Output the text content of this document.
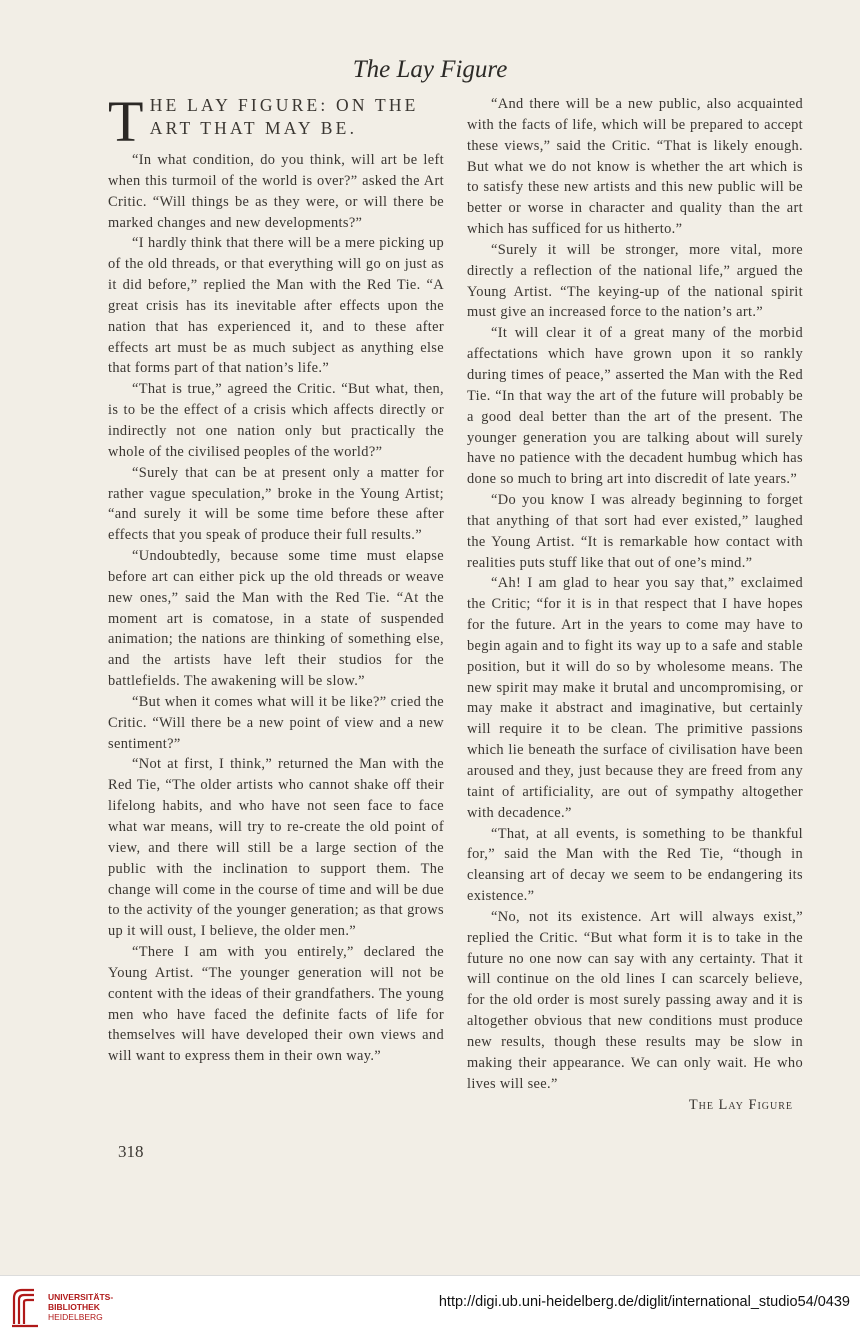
The Lay Figure
T HE LAY FIGURE: ON THE ART THAT MAY BE.

“In what condition, do you think, will art be left when this turmoil of the world is over?” asked the Art Critic. “Will things be as they were, or will there be marked changes and new developments?”

“I hardly think that there will be a mere picking up of the old threads, or that everything will go on just as it did before,” replied the Man with the Red Tie. “A great crisis has its inevitable after effects upon the nation that has experienced it, and to these after effects art must be as much subject as anything else that forms part of that nation’s life.”

“That is true,” agreed the Critic. “But what, then, is to be the effect of a crisis which affects directly or indirectly not one nation only but practically the whole of the civilised peoples of the world?”

“Surely that can be at present only a matter for rather vague speculation,” broke in the Young Artist; “and surely it will be some time before these after effects that you speak of produce their full results.”

“Undoubtedly, because some time must elapse before art can either pick up the old threads or weave new ones,” said the Man with the Red Tie. “At the moment art is comatose, in a state of suspended animation; the nations are thinking of something else, and the artists have left their studios for the battlefields. The awakening will be slow.”

“But when it comes what will it be like?” cried the Critic. “Will there be a new point of view and a new sentiment?”

“Not at first, I think,” returned the Man with the Red Tie, “The older artists who cannot shake off their lifelong habits, and who have not seen face to face what war means, will try to re-create the old point of view, and there will still be a large section of the public with the inclination to support them. The change will come in the course of time and will be due to the activity of the younger generation; as that grows up it will oust, I believe, the older men.”

“There I am with you entirely,” declared the Young Artist. “The younger generation will not be content with the ideas of their grandfathers. The young men who have faced the definite facts of life for themselves will have developed their own views and will want to express them in their own way.”

“And there will be a new public, also acquainted with the facts of life, which will be prepared to accept these views,” said the Critic. “That is likely enough. But what we do not know is whether the art which is to satisfy these new artists and this new public will be better or worse in character and quality than the art which has sufficed for us hitherto.”

“Surely it will be stronger, more vital, more directly a reflection of the national life,” argued the Young Artist. “The keying-up of the national spirit must give an increased force to the nation’s art.”

“It will clear it of a great many of the morbid affectations which have grown upon it so rankly during times of peace,” asserted the Man with the Red Tie. “In that way the art of the future will probably be a good deal better than the art of the present. The younger generation you are talking about will surely have no patience with the decadent humbug which has done so much to bring art into discredit of late years.”

“Do you know I was already beginning to forget that anything of that sort had ever existed,” laughed the Young Artist. “It is remarkable how contact with realities puts stuff like that out of one’s mind.”

“Ah! I am glad to hear you say that,” exclaimed the Critic; “for it is in that respect that I have hopes for the future. Art in the years to come may have to begin again and to fight its way up to a safe and stable position, but it will do so by wholesome means. The new spirit may make it brutal and uncompromising, or may make it abstract and imaginative, but certainly will require it to be clean. The primitive passions which lie beneath the surface of civilisation have been aroused and they, just because they are freed from any taint of artificiality, are out of sympathy altogether with decadence.”

“That, at all events, is something to be thankful for,” said the Man with the Red Tie, “though in cleansing art of decay we seem to be endangering its existence.”

“No, not its existence. Art will always exist,” replied the Critic. “But what form it is to take in the future no one now can say with any certainty. That it will continue on the old lines I can scarcely believe, for the old order is most surely passing away and it is altogether obvious that new conditions must produce new results, though these results may be slow in making their appearance. We can only wait. He who lives will see.”

The Lay Figure
318
UNIVERSITÄTS-
BIBLIOTHEK
HEIDELBERG
http://digi.ub.uni-heidelberg.de/diglit/international_studio54/0439
